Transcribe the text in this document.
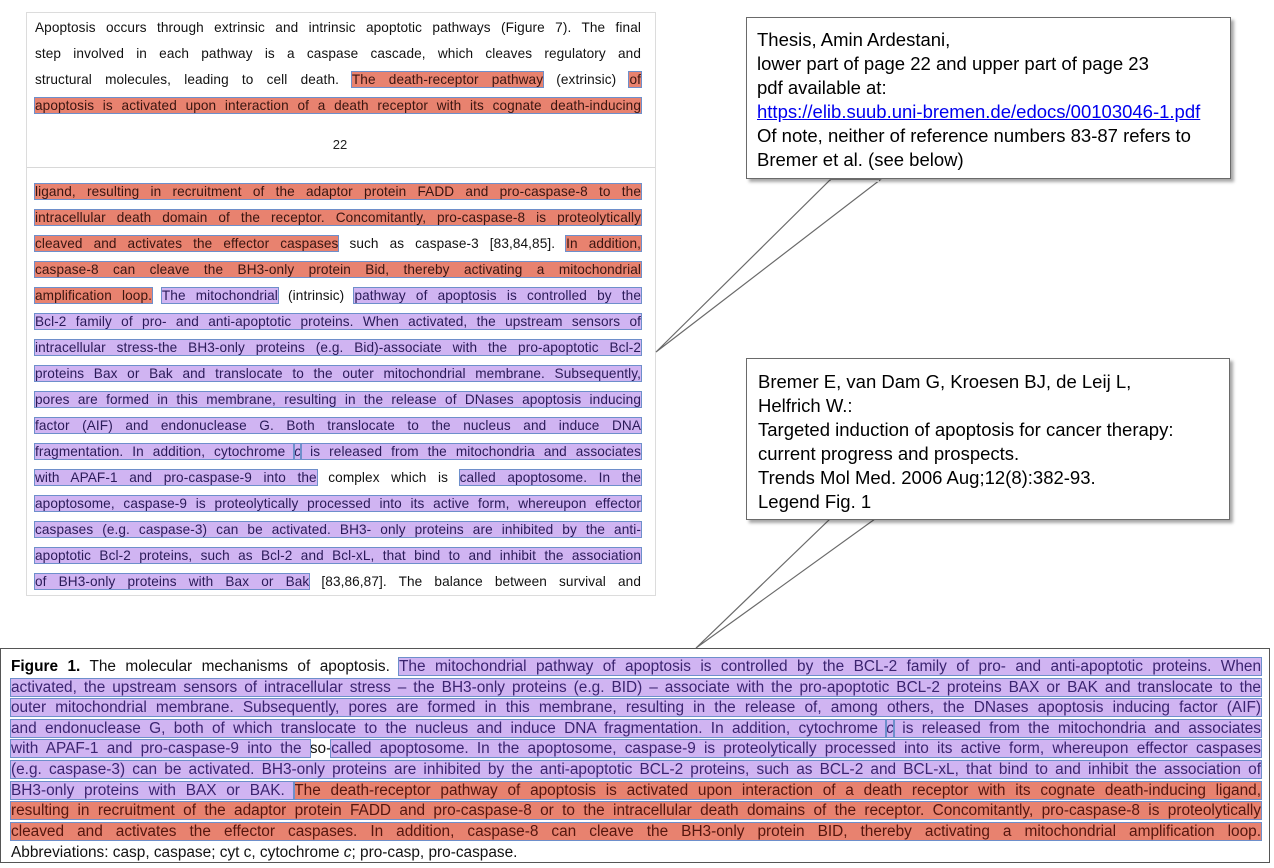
Apoptosis occurs through extrinsic and intrinsic apoptotic pathways (Figure 7). The final
step involved in each pathway is a caspase cascade, which cleaves regulatory and
structural molecules, leading to cell death. The death-receptor pathway (extrinsic) of
apoptosis is activated upon interaction of a death receptor with its cognate death-inducing
22
ligand, resulting in recruitment of the adaptor protein FADD and pro-caspase-8 to the
intracellular death domain of the receptor. Concomitantly, pro-caspase-8 is proteolytically
cleaved and activates the effector caspases such as caspase-3 [83,84,85]. In addition,
caspase-8 can cleave the BH3-only protein Bid, thereby activating a mitochondrial
amplification loop. The mitochondrial (intrinsic) pathway of apoptosis is controlled by the
Bcl-2 family of pro- and anti-apoptotic proteins. When activated, the upstream sensors of
intracellular stress-the BH3-only proteins (e.g. Bid)-associate with the pro-apoptotic Bcl-2
proteins Bax or Bak and translocate to the outer mitochondrial membrane. Subsequently,
pores are formed in this membrane, resulting in the release of DNases apoptosis inducing
factor (AIF) and endonuclease G. Both translocate to the nucleus and induce DNA
fragmentation. In addition, cytochrome c is released from the mitochondria and associates
with APAF-1 and pro-caspase-9 into the complex which is called apoptosome. In the
apoptosome, caspase-9 is proteolytically processed into its active form, whereupon effector
caspases (e.g. caspase-3) can be activated. BH3- only proteins are inhibited by the anti-
apoptotic Bcl-2 proteins, such as Bcl-2 and Bcl-xL, that bind to and inhibit the association
of BH3-only proteins with Bax or Bak [83,86,87]. The balance between survival and
Thesis, Amin Ardestani,
lower part of page 22 and upper part of page 23
pdf available at:
https://elib.suub.uni-bremen.de/edocs/00103046-1.pdf
Of note, neither of reference numbers 83-87 refers to
Bremer et al. (see below)
Bremer E, van Dam G, Kroesen BJ, de Leij L,
Helfrich W.:
Targeted induction of apoptosis for cancer therapy:
current progress and prospects.
Trends Mol Med. 2006 Aug;12(8):382-93.
Legend Fig. 1
Figure 1. The molecular mechanisms of apoptosis. The mitochondrial pathway of apoptosis is controlled by the BCL-2 family of pro- and anti-apoptotic proteins. When
activated, the upstream sensors of intracellular stress – the BH3-only proteins (e.g. BID) – associate with the pro-apoptotic BCL-2 proteins BAX or BAK and translocate to the
outer mitochondrial membrane. Subsequently, pores are formed in this membrane, resulting in the release of, among others, the DNases apoptosis inducing factor (AIF)
and endonuclease G, both of which translocate to the nucleus and induce DNA fragmentation. In addition, cytochrome c is released from the mitochondria and associates
with APAF-1 and pro-caspase-9 into the so-called apoptosome. In the apoptosome, caspase-9 is proteolytically processed into its active form, whereupon effector caspases
(e.g. caspase-3) can be activated. BH3-only proteins are inhibited by the anti-apoptotic BCL-2 proteins, such as BCL-2 and BCL-xL, that bind to and inhibit the association of
BH3-only proteins with BAX or BAK. The death-receptor pathway of apoptosis is activated upon interaction of a death receptor with its cognate death-inducing ligand,
resulting in recruitment of the adaptor protein FADD and pro-caspase-8 or to the intracellular death domains of the receptor. Concomitantly, pro-caspase-8 is proteolytically
cleaved and activates the effector caspases. In addition, caspase-8 can cleave the BH3-only protein BID, thereby activating a mitochondrial amplification loop.
Abbreviations: casp, caspase; cyt c, cytochrome c; pro-casp, pro-caspase.
